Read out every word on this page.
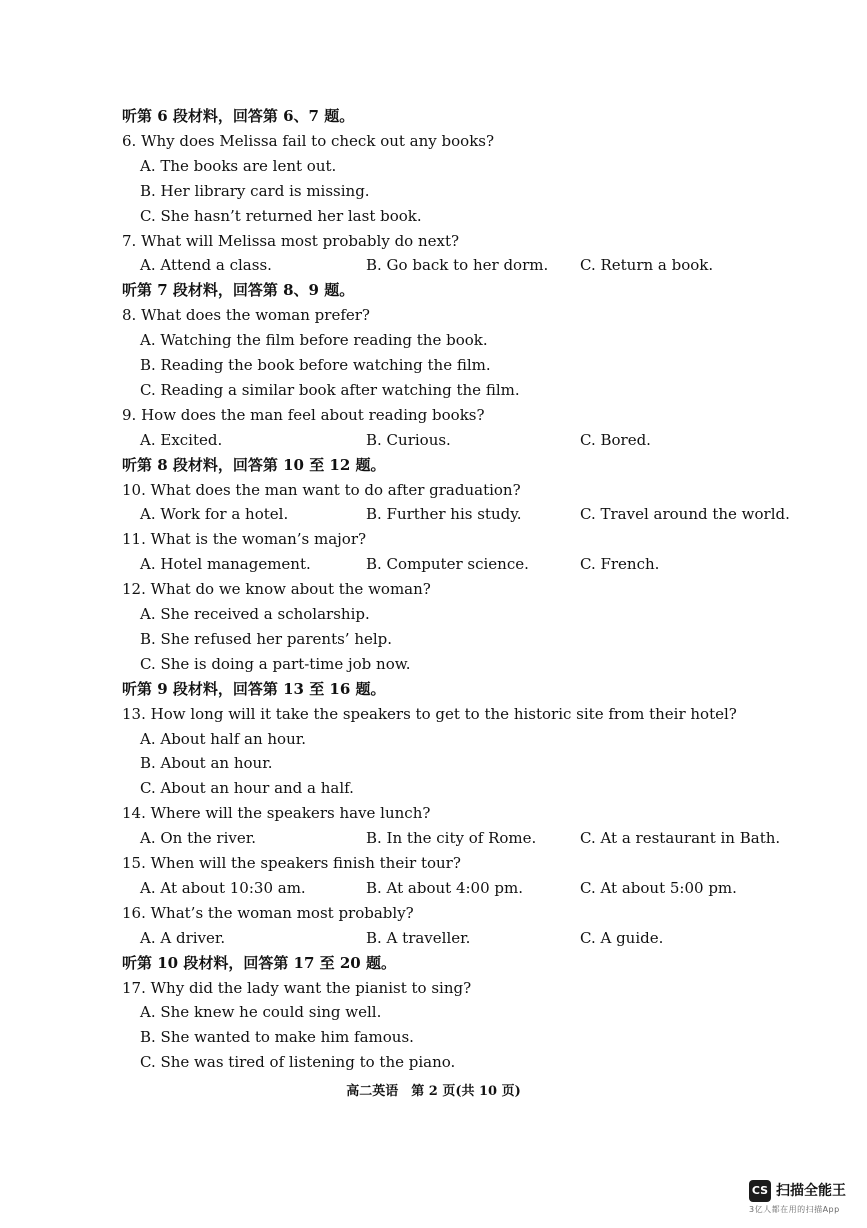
听第 6 段材料，回答第 6、7 题。
6. Why does Melissa fail to check out any books?
A. The books are lent out.
B. Her library card is missing.
C. She hasn’t returned her last book.
7. What will Melissa most probably do next?
A. Attend a class.	B. Go back to her dorm. C. Return a book.
听第 7 段材料，回答第 8、9 题。
8. What does the woman prefer?
A. Watching the film before reading the book.
B. Reading the book before watching the film.
C. Reading a similar book after watching the film.
9. How does the man feel about reading books?
A. Excited.	B. Curious.	C. Bored.
听第 8 段材料，回答第 10 至 12 题。
10. What does the man want to do after graduation?
A. Work for a hotel.	B. Further his study.	C. Travel around the world.
11. What is the woman’s major?
A. Hotel management.	B. Computer science.	C. French.
12. What do we know about the woman?
A. She received a scholarship.
B. She refused her parents’ help.
C. She is doing a part-time job now.
听第 9 段材料，回答第 13 至 16 题。
13. How long will it take the speakers to get to the historic site from their hotel?
A. About half an hour.
B. About an hour.
C. About an hour and a half.
14. Where will the speakers have lunch?
A. On the river.	B. In the city of Rome.	C. At a restaurant in Bath.
15. When will the speakers finish their tour?
A. At about 10:30 am.	B. At about 4:00 pm.	C. At about 5:00 pm.
16. What’s the woman most probably?
A. A driver.	B. A traveller.	C. A guide.
听第 10 段材料，回答第 17 至 20 题。
17. Why did the lady want the pianist to sing?
A. She knew he could sing well.
B. She wanted to make him famous.
C. She was tired of listening to the piano.
高二英语　第 2 页(共 10 页)
CS 扫描全能王
3亿人都在用的扫描App
